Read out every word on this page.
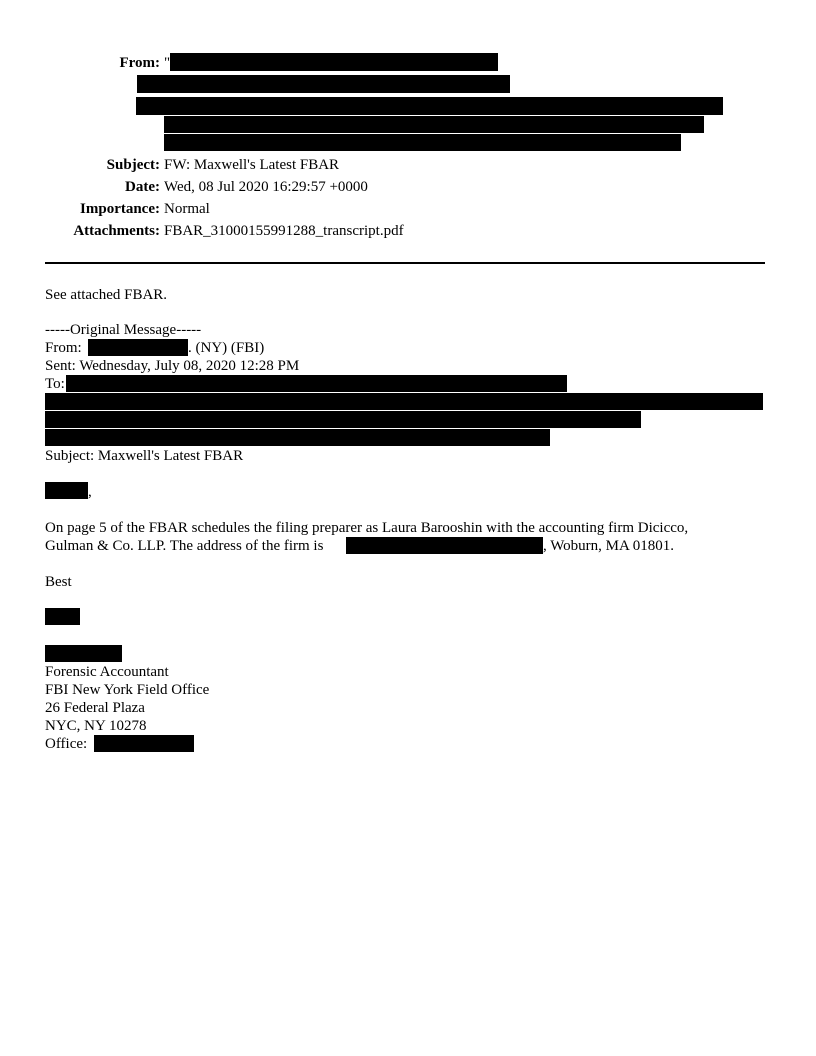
From: "
Subject: FW: Maxwell's Latest FBAR
Date: Wed, 08 Jul 2020 16:29:57 +0000
Importance: Normal
Attachments: FBAR_31000155991288_transcript.pdf
See attached FBAR.
-----Original Message-----
From:	. (NY) (FBI)
Sent: Wednesday, July 08, 2020 12:28 PM
To:
Subject: Maxwell's Latest FBAR
,
On page 5 of the FBAR schedules the filing preparer as Laura Barooshin with the accounting firm Dicicco,
Gulman & Co. LLP. The address of the firm is	, Woburn, MA 01801.
Best
Forensic Accountant
FBI New York Field Office
26 Federal Plaza
NYC, NY 10278
Office:
